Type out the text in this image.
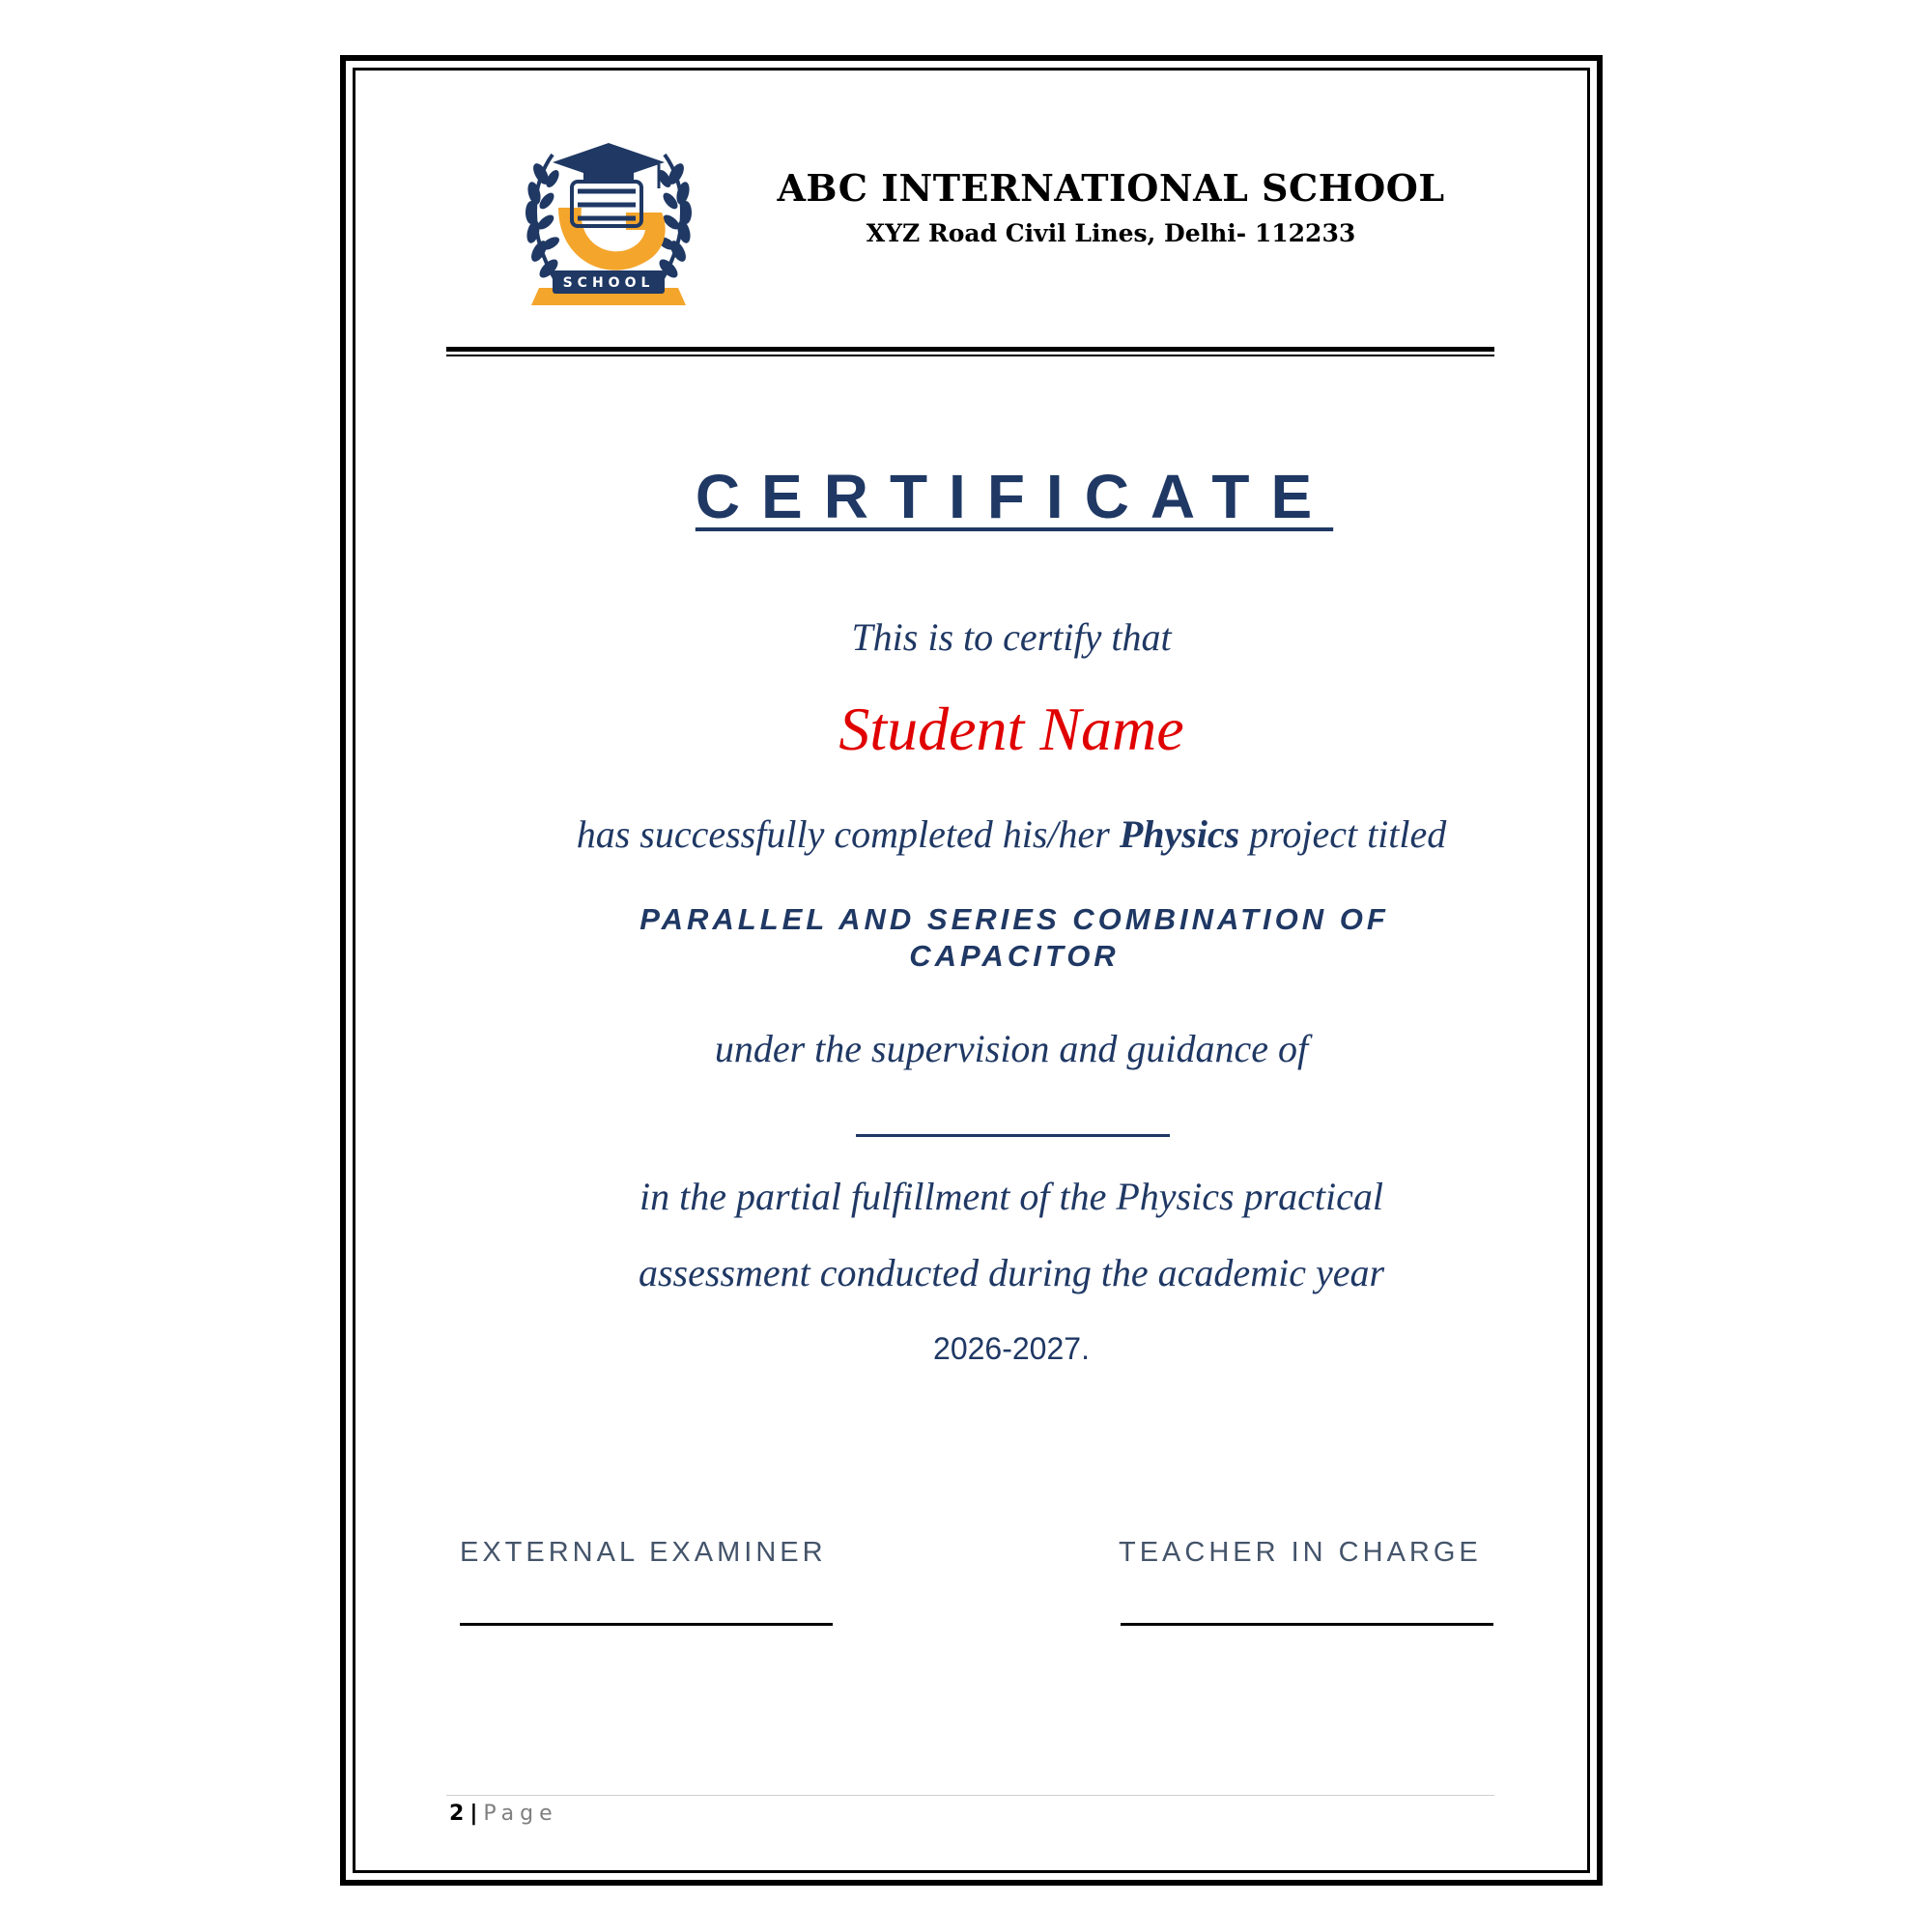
SCHOOL
ABC INTERNATIONAL SCHOOL
XYZ Road Civil Lines, Delhi- 112233
CERTIFICATE
This is to certify that
Student Name
has successfully completed his/her Physics project titled
PARALLEL AND SERIES COMBINATION OF CAPACITOR
under the supervision and guidance of
in the partial fulfillment of the Physics practical
assessment conducted during the academic year
2026-2027.
EXTERNAL EXAMINER	TEACHER IN CHARGE
2 | Page
